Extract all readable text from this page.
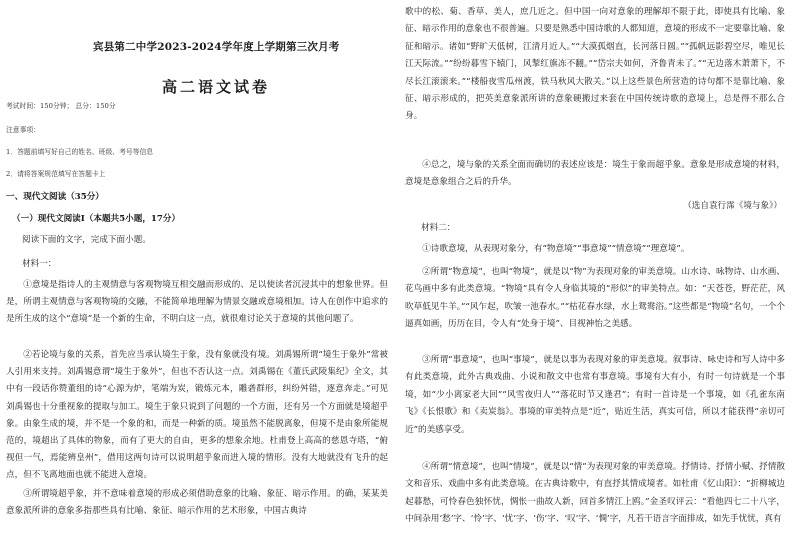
宾县第二中学2023-2024学年度上学期第三次月考
高二语文试卷
考试时间：150分钟； 总分：150分
注意事项：
1．答题前填写好自己的姓名、班级、考号等信息
2．请将答案规范填写在答题卡上
一、现代文阅读（35分）
（一）现代文阅读Ⅰ（本题共5小题，17分）
阅读下面的文字，完成下面小题。
材料一：
①意境是指诗人的主观情意与客观物境互相交融而形成的、足以使读者沉浸其中的想象世界。但是，所谓主观情意与客观物境的交融，不能简单地理解为情景交融或意境相加。诗人在创作中追求的是所生成的这个“意境”是一个新的生命，不明白这一点，就很难讨论关于意境的其他问题了。
②若论境与象的关系，首先应当承认境生于象，没有象就没有境。刘禹锡所谓“境生于象外”常被人引用来支持。刘禹锡意谓“境生于象外”，但也不否认这一点。刘禹锡在《董氏武陵集纪》全文，其中有一段话你赞董组的诗“心源为炉，笔端为炭，锻炼元本，雕砻群形，纠纷舛错，逐意奔走。”可见刘禹锡也十分重视象的提取与加工。境生于象只说到了问题的一个方面，还有另一个方面就是境超乎象。由象生成的境，并不是一个象的和，而是一种新的质。境虽然不能脱离象，但境不是由象所能规范的，境超出了具体的物象，而有了更大的自由，更多的想象余地。杜甫登上高高的慈恩寺塔，“俯视但一气，焉能辨皇州”，借用这两句诗可以说明超乎象而进入境的情形。没有大地就没有飞升的起点，但不飞离地面也就不能进入意境。
③所谓境超乎象，并不意味着意境的形成必须借助意象的比喻、象征、暗示作用。的确，某某美意象派所讲的意象多指那些具有比喻、象征、暗示作用的艺术形象，中国古典诗
歌中的松、菊、香草、美人，庶几近之。但中国一向对意象的理解却不限于此，即使具有比喻、象征、暗示作用的意象也不很普遍。只要是熟悉中国诗歌的人都知道，意境的形成不一定要靠比喻、象征和暗示。诸如“野旷天低树，江清月近人。”“大漠孤烟直，长河落日圆。”“孤帆远影碧空尽，唯见长江天际流。”“纷纷暮雪下辕门，风掣红旗冻不翻。”“岱宗夫如何，齐鲁青未了。”“无边落木萧萧下，不尽长江滚滚来。”“楼船夜雪瓜州渡，铁马秋风大散关。”以上这些景色所营造的诗句都不是靠比喻、象征、暗示形成的，把英美意象派所讲的意象硬搬过来套在中国传统诗歌的意境上，总是得不那么合身。
④总之，境与象的关系全面而确切的表述应该是：境生于象而超乎象。意象是形成意境的材料，意境是意象组合之后的升华。
（选自袁行霈《境与象》）
材料二：
①诗歌意境，从表现对象分，有“物意境”“事意境”“情意境”“理意境”。
②所谓“物意境”，也叫“物境”，就是以“物”为表现对象的审美意境。山水诗、咏物诗、山水画、花鸟画中多有此类意境。“物境”具有令人身临其境的“形似”的审美特点。如：“天苍苍，野茫茫，风吹草低见牛羊。”“风乍起，吹皱一池春水。”“枯花春水绿，水上鸳鸯浴。”这些都是“物境”名句，一个个逼真如画，历历在目，令人有“处身于境”、目视神怡之美感。
③所谓“事意境”，也叫“事境”，就是以事为表现对象的审美意境。叙事诗、咏史诗和写人诗中多有此类意境，此外古典戏曲、小说和散文中也常有事意境。事境有大有小，有时一句诗就是一个事境，如“少小离家老大回”“风雪夜归人”“落花时节又逢君”；有时一首诗是一个事境，如《孔雀东南飞》《长恨歌》和《卖炭翁》。事境的审美特点是“近”，贴近生活，真实可信，所以才能获得“亲切可近”的美感享受。
④所谓“情意境”，也叫“情境”，就是以“情”为表现对象的审美意境。抒情诗、抒情小赋、抒情散文和音乐、戏曲中多有此类意境。在古典诗歌中，有直抒其情成境者。如杜甫《忆山阳》：“折柳城边起暮愁，可怜春色独怀忧，惆怅一曲故人新，回首多情江上鸥。”金圣叹评云：“看他四七二十八字，中间杂用‘愁’字、‘怜’字、‘忧’字、‘伤’字、‘叹’字、‘惆’字，凡若干语言字面排成，如先手忧忧，真有
